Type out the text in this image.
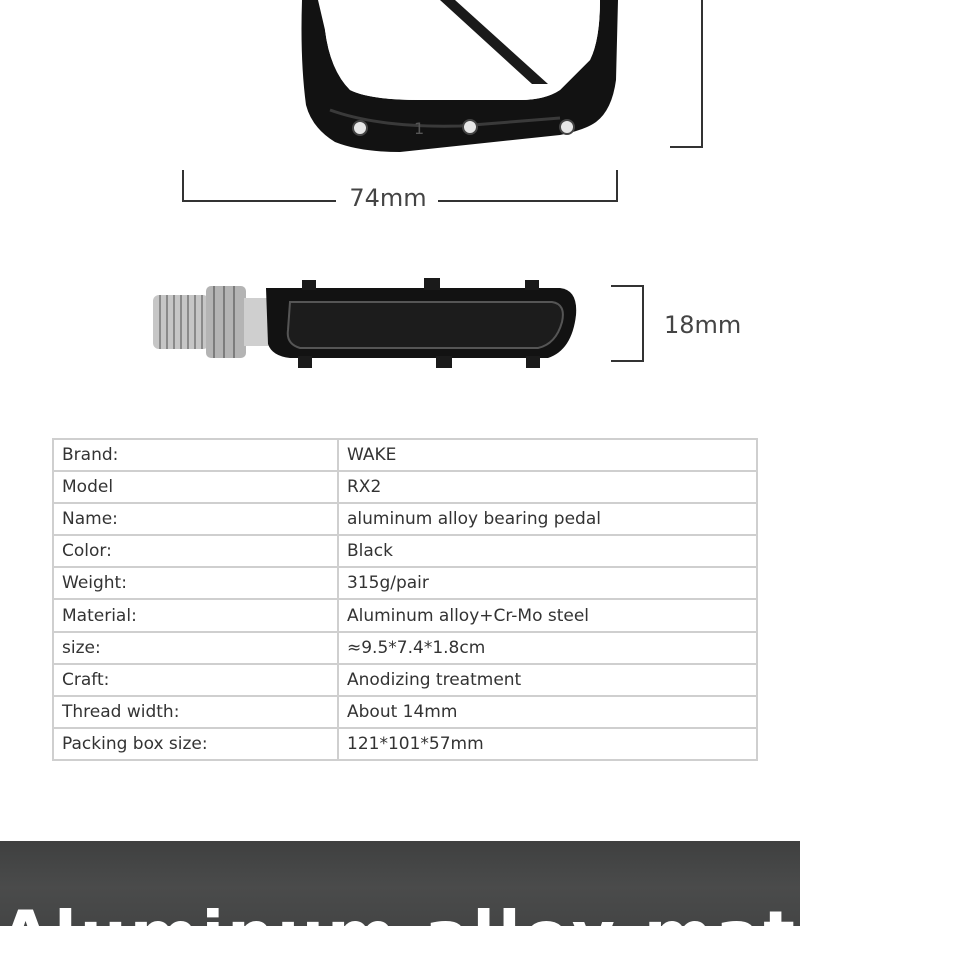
1
74mm
18mm
Brand:	WAKE
Model	RX2
Name:	aluminum alloy bearing pedal
Color:	Black
Weight:	315g/pair
Material:	Aluminum alloy+Cr-Mo steel
size:	≈9.5*7.4*1.8cm
Craft:	Anodizing treatment
Thread width:	About 14mm
Packing box size:	121*101*57mm
Aluminum alloy material
